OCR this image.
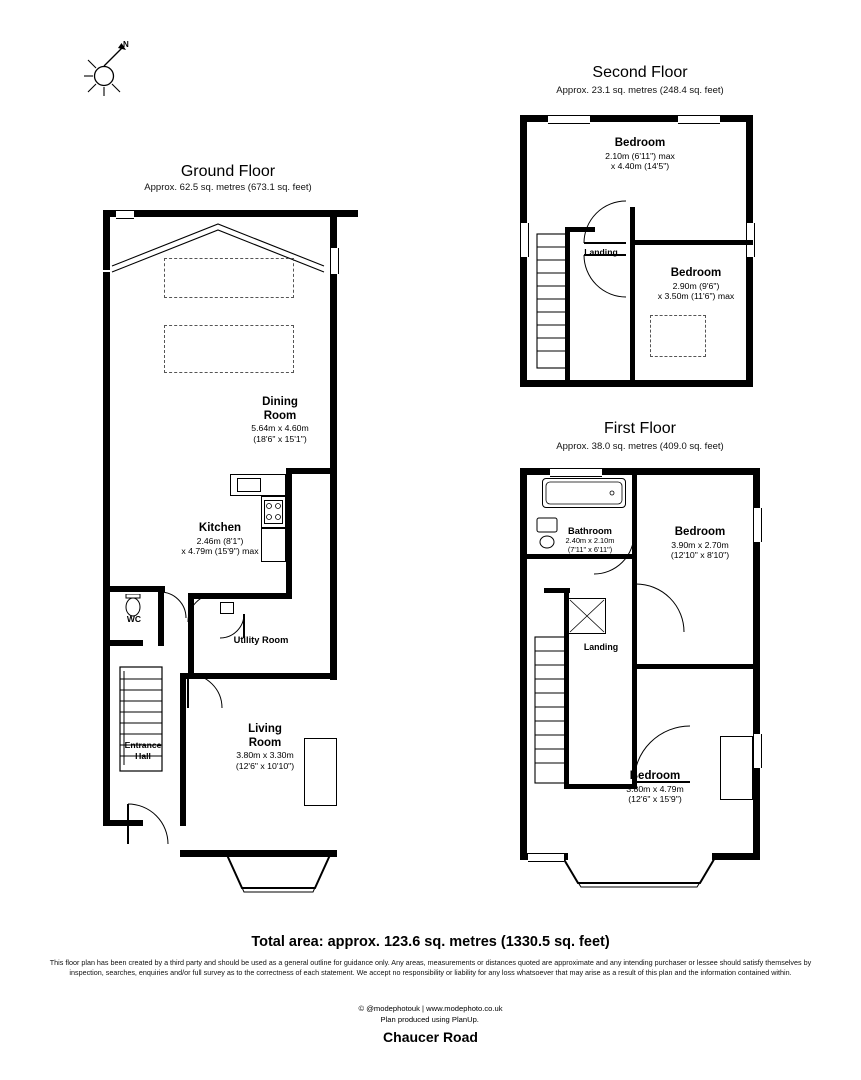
N
Ground Floor
Approx. 62.5 sq. metres (673.1 sq. feet)
Dining
Room
5.64m x 4.60m
(18'6" x 15'1")
Kitchen
2.46m (8'1")
x 4.79m (15'9") max
WC
Utility Room
Entrance
Hall
Living
Room
3.80m x 3.30m
(12'6" x 10'10")
Second Floor
Approx. 23.1 sq. metres (248.4 sq. feet)
Bedroom
2.10m (6'11") max
x 4.40m (14'5")
Bedroom
2.90m (9'6")
x 3.50m (11'6") max
Landing
First Floor
Approx. 38.0 sq. metres (409.0 sq. feet)
Bathroom
2.40m x 2.10m
(7'11" x 6'11")
Bedroom
3.90m x 2.70m
(12'10" x 8'10")
Landing
Bedroom
3.80m x 4.79m
(12'6" x 15'9")
Total area: approx. 123.6 sq. metres (1330.5 sq. feet)
This floor plan has been created by a third party and should be used as a general outline for guidance only. Any areas, measurements or distances quoted are approximate and any intending purchaser or lessee should satisfy themselves by inspection, searches, enquiries and/or full survey as to the correctness of each statement. We accept no responsibility or liability for any loss whatsoever that may arise as a result of this plan and the information contained within.
© @modephotouk | www.modephoto.co.uk
Plan produced using PlanUp. 
Chaucer Road
